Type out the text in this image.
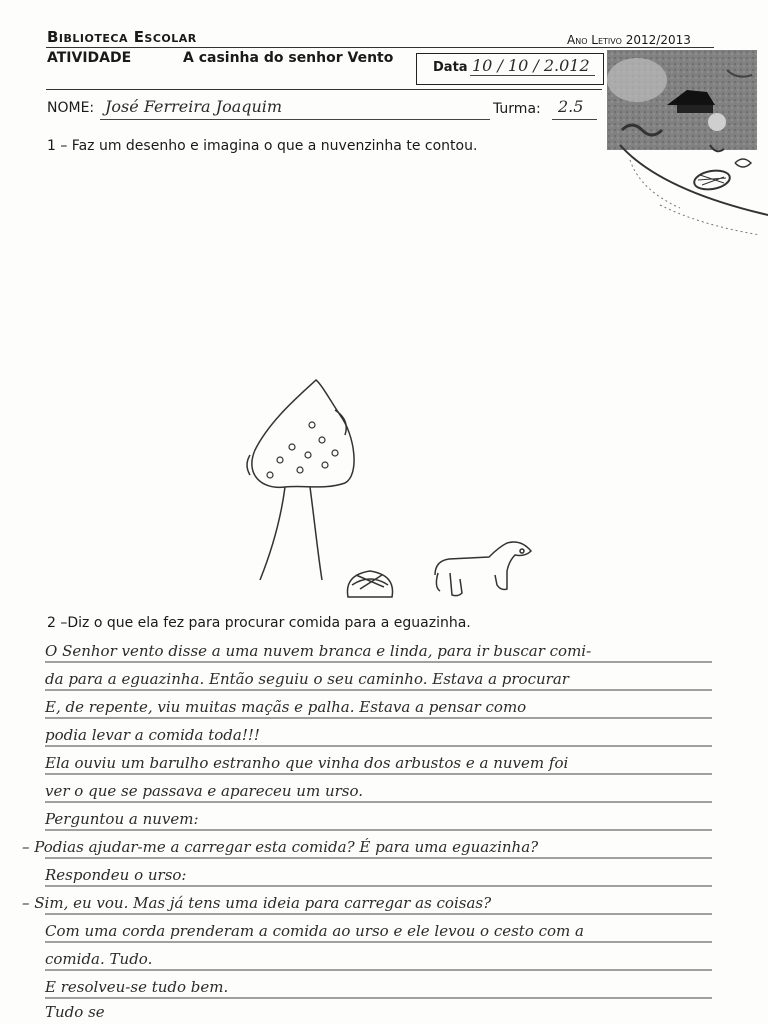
Biblioteca Escolar	Ano Letivo 2012/2013
ATIVIDADE	A casinha do senhor Vento
Data 10 / 10 / 2.012
NOME: José Ferreira Joaquim	Turma: 2.5
1 – Faz um desenho e imagina o que a nuvenzinha te contou.
2 –Diz o que ela fez para procurar comida para a eguazinha.
O Senhor vento disse a uma nuvem branca e linda, para ir buscar comi-
da para a eguazinha. Então seguiu o seu caminho. Estava a procurar
E, de repente, viu muitas maçãs e palha. Estava a pensar como
podia levar a comida toda!!!
Ela ouviu um barulho estranho que vinha dos arbustos e a nuvem foi
ver o que se passava e apareceu um urso.
Perguntou a nuvem:
– Podias ajudar-me a carregar esta comida? É para uma eguazinha?
Respondeu o urso:
– Sim, eu vou. Mas já tens uma ideia para carregar as coisas?
Com uma corda prenderam a comida ao urso e ele levou o cesto com a
comida. Tudo.
E resolveu-se tudo bem.
Tudo se
